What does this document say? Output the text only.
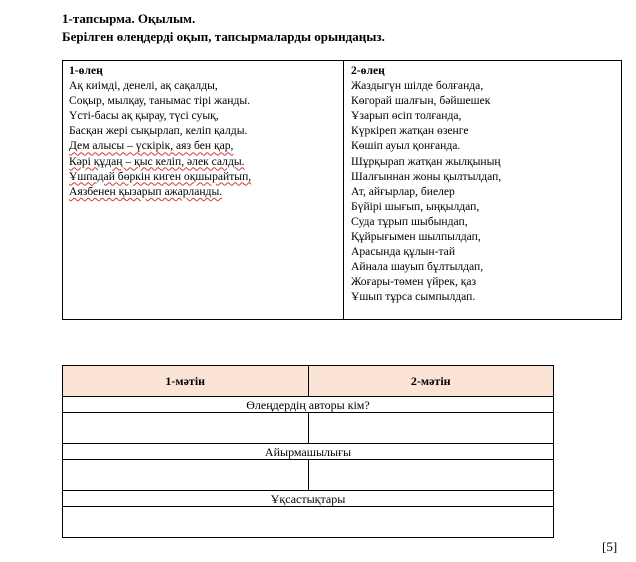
1-тапсырма. Оқылым.
Берілген өлеңдерді оқып, тапсырмаларды орындаңыз.
1-өлең
Ақ киімді, денелі, ақ сақалды,
Соқыр, мылқау, танымас тірі жанды.
Үсті-басы ақ қырау, түсі суық,
Басқан жері сықырлап, келіп қалды.
Дем алысы – үскірік, аяз бен қар,
Кәрі құдаң – қыс келіп, әлек салды.
Ұшпадай бөркін киген оқшырайтып,
Аязбенен қызарып ажарланды.
2-өлең
Жаздыгүн шілде болғанда,
Көгорай шалғын, бәйшешек
Ұзарып өсіп толғанда,
Күркіреп жатқан өзенге
Көшіп ауыл қонғанда.
Шұрқырап жатқан жылқының
Шалғыннан жоны қылтылдап,
Ат, айғырлар, биелер
Бүйірі шығып, ыңқылдап,
Суда тұрып шыбындап,
Құйрығымен шылпылдап,
Арасында құлын-тай
Айнала шауып бұлтылдап,
Жоғары-төмен үйрек, қаз
Ұшып тұрса сымпылдап.
1-мәтін	2-мәтін
Өлеңдердің авторы кім?	

Айырмашылығы	

Ұқсастықтары	

[5]
